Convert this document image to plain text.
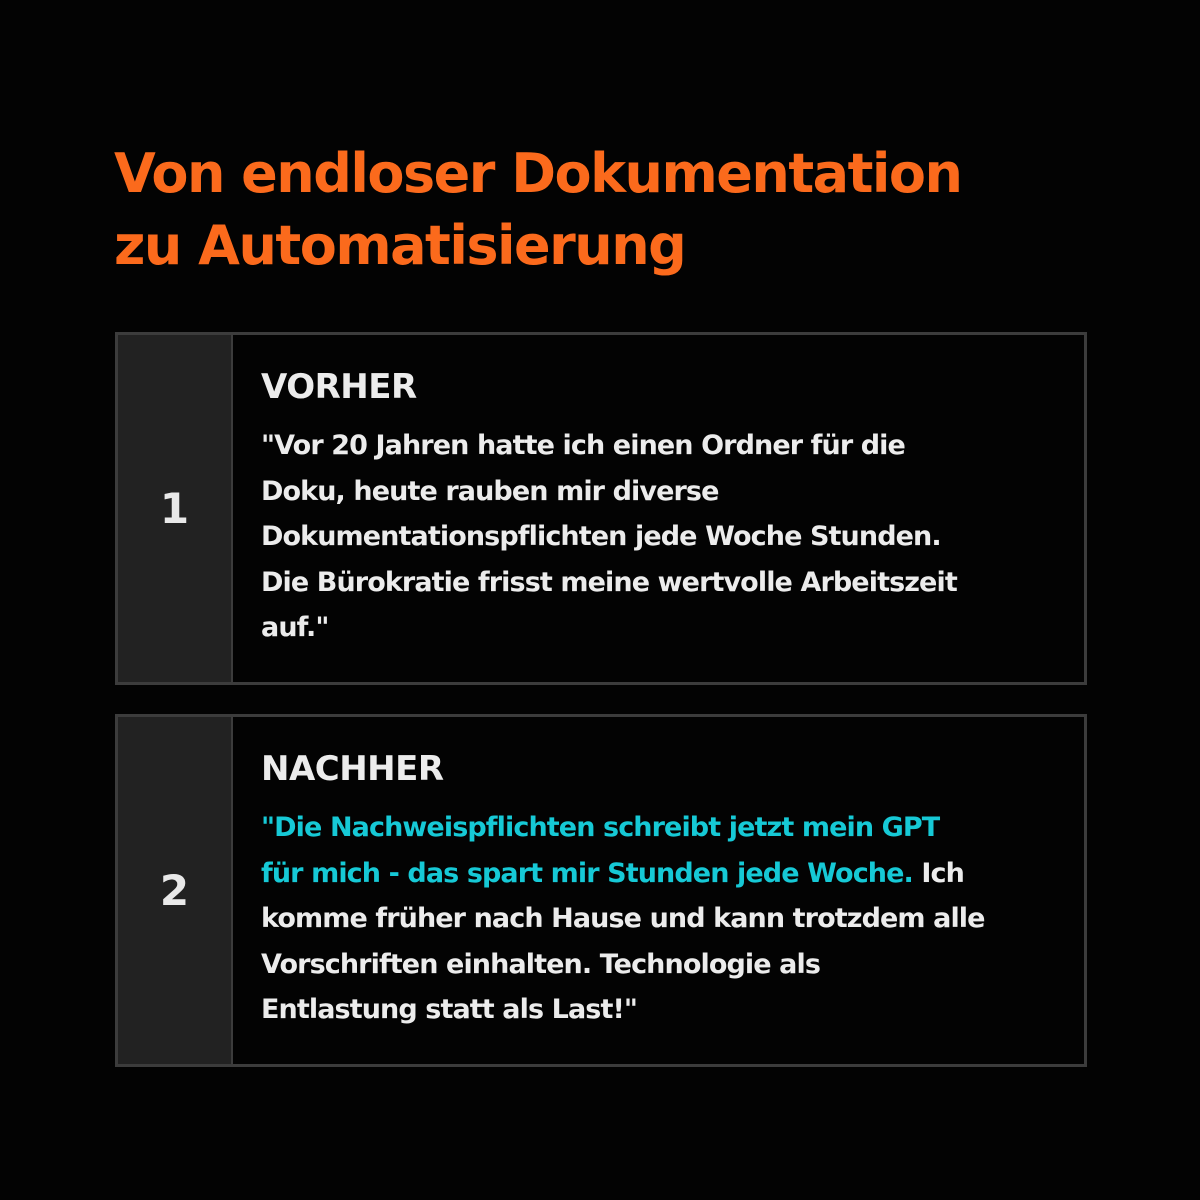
Von endloser Dokumentation
zu Automatisierung
1
VORHER

"Vor 20 Jahren hatte ich einen Ordner für die
Doku, heute rauben mir diverse
Dokumentationspflichten jede Woche Stunden.
Die Bürokratie frisst meine wertvolle Arbeitszeit
auf."

2
NACHHER

"Die Nachweispflichten schreibt jetzt mein GPT
für mich - das spart mir Stunden jede Woche. Ich
komme früher nach Hause und kann trotzdem alle
Vorschriften einhalten. Technologie als
Entlastung statt als Last!"
